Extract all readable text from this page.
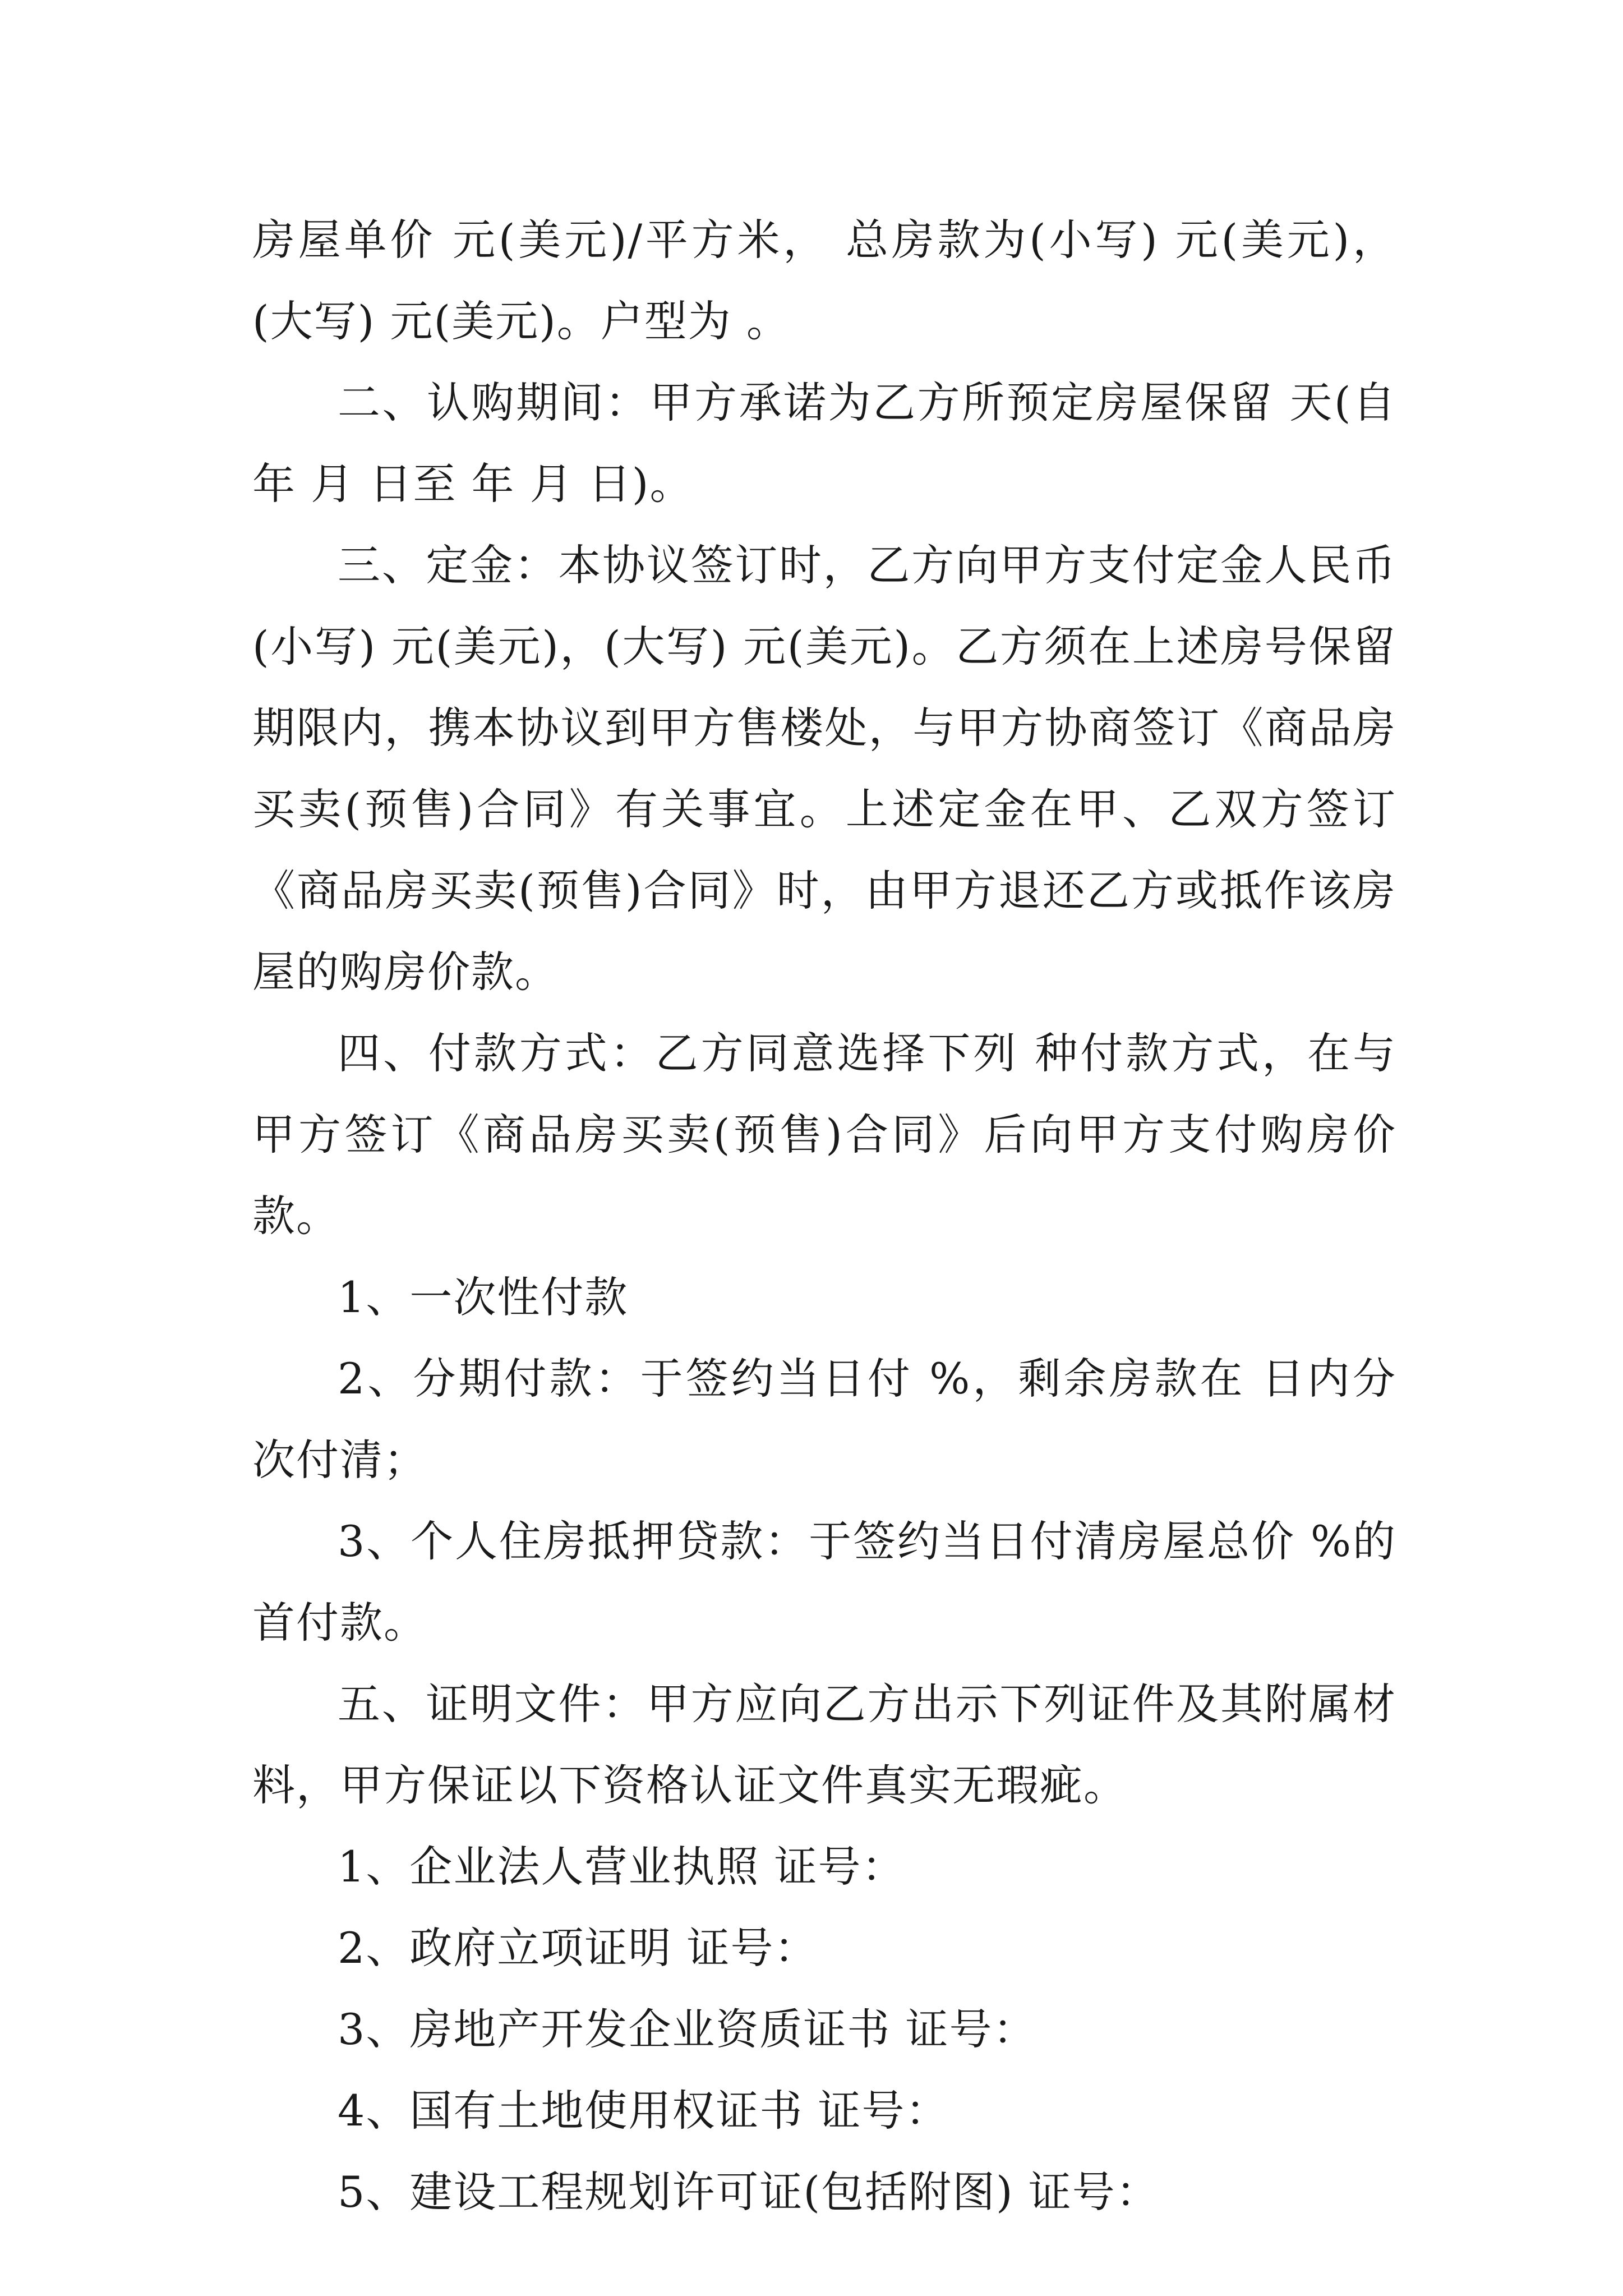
房屋单价 元(美元)/平方米， 总房款为(小写) 元(美元)，(大写) 元(美元)。户型为 。

二、认购期间：甲方承诺为乙方所预定房屋保留 天(自年 月 日至 年 月 日)。

三、定金：本协议签订时，乙方向甲方支付定金人民币(小写) 元(美元)，(大写) 元(美元)。乙方须在上述房号保留期限内，携本协议到甲方售楼处，与甲方协商签订《商品房买卖(预售)合同》有关事宜。上述定金在甲、乙双方签订《商品房买卖(预售)合同》时，由甲方退还乙方或抵作该房屋的购房价款。

四、付款方式：乙方同意选择下列 种付款方式，在与甲方签订《商品房买卖(预售)合同》后向甲方支付购房价款。

1、一次性付款

2、分期付款：于签约当日付 %，剩余房款在 日内分次付清；

3、个人住房抵押贷款：于签约当日付清房屋总价 %的首付款。

五、证明文件：甲方应向乙方出示下列证件及其附属材料，甲方保证以下资格认证文件真实无瑕疵。

1、企业法人营业执照 证号：

2、政府立项证明 证号：

3、房地产开发企业资质证书 证号：

4、国有土地使用权证书 证号：

5、建设工程规划许可证(包括附图) 证号：
